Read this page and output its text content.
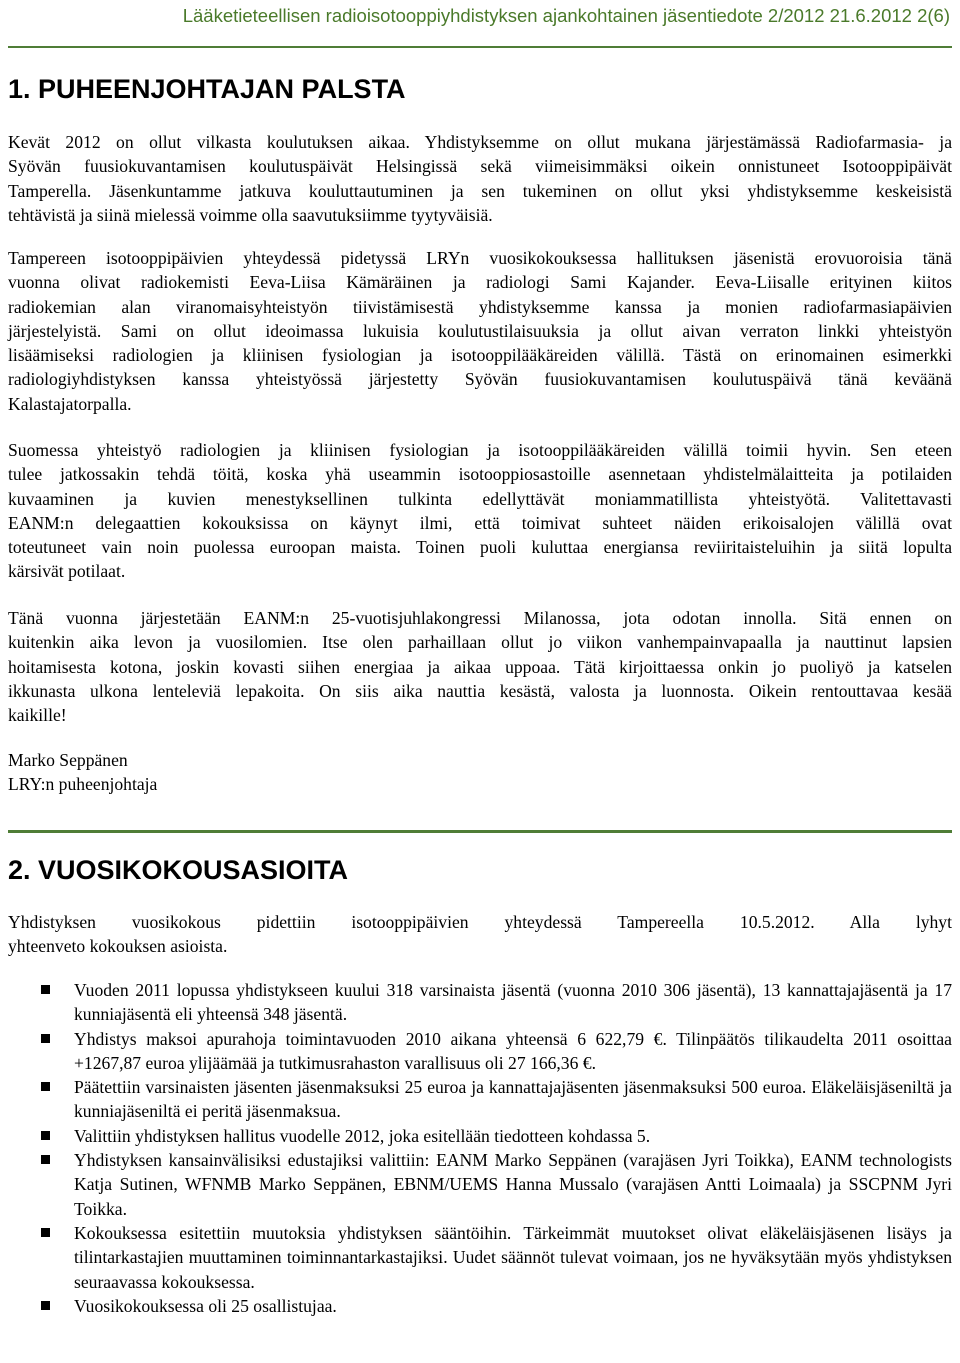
Lääketieteellisen radioisotooppiyhdistyksen ajankohtainen jäsentiedote 2/2012 21.6.2012 2(6)
1. PUHEENJOHTAJAN PALSTA
Kevät 2012 on ollut vilkasta koulutuksen aikaa. Yhdistyksemme on ollut mukana järjestämässä Radiofarmasia- ja
Syövän fuusiokuvantamisen koulutuspäivät Helsingissä sekä viimeisimmäksi oikein onnistuneet Isotooppipäivät
Tamperella. Jäsenkuntamme jatkuva kouluttautuminen ja sen tukeminen on ollut yksi yhdistyksemme keskeisistä
tehtävistä ja siinä mielessä voimme olla saavutuksiimme tyytyväisiä.
Tampereen isotooppipäivien yhteydessä pidetyssä LRYn vuosikokouksessa hallituksen jäsenistä erovuoroisia tänä
vuonna olivat radiokemisti Eeva-Liisa Kämäräinen ja radiologi Sami Kajander. Eeva-Liisalle erityinen kiitos
radiokemian alan viranomaisyhteistyön tiivistämisestä yhdistyksemme kanssa ja monien radiofarmasiapäivien
järjestelyistä. Sami on ollut ideoimassa lukuisia koulutustilaisuuksia ja ollut aivan verraton linkki yhteistyön
lisäämiseksi radiologien ja kliinisen fysiologian ja isotooppilääkäreiden välillä. Tästä on erinomainen esimerkki
radiologiyhdistyksen kanssa yhteistyössä järjestetty Syövän fuusiokuvantamisen koulutuspäivä tänä keväänä
Kalastajatorpalla.
Suomessa yhteistyö radiologien ja kliinisen fysiologian ja isotooppilääkäreiden välillä toimii hyvin. Sen eteen
tulee jatkossakin tehdä töitä, koska yhä useammin isotooppiosastoille asennetaan yhdistelmälaitteita ja potilaiden
kuvaaminen ja kuvien menestyksellinen tulkinta edellyttävät moniammatillista yhteistyötä. Valitettavasti
EANM:n delegaattien kokouksissa on käynyt ilmi, että toimivat suhteet näiden erikoisalojen välillä ovat
toteutuneet vain noin puolessa euroopan maista. Toinen puoli kuluttaa energiansa reviiritaisteluihin ja siitä lopulta
kärsivät potilaat.
Tänä vuonna järjestetään EANM:n 25-vuotisjuhlakongressi Milanossa, jota odotan innolla. Sitä ennen on
kuitenkin aika levon ja vuosilomien. Itse olen parhaillaan ollut jo viikon vanhempainvapaalla ja nauttinut lapsien
hoitamisesta kotona, joskin kovasti siihen energiaa ja aikaa uppoaa. Tätä kirjoittaessa onkin jo puoliyö ja katselen
ikkunasta ulkona lenteleviä lepakoita. On siis aika nauttia kesästä, valosta ja luonnosta. Oikein rentouttavaa kesää
kaikille!
Marko Seppänen
LRY:n puheenjohtaja
2. VUOSIKOKOUSASIOITA
Yhdistyksen vuosikokous pidettiin isotooppipäivien yhteydessä Tampereella 10.5.2012. Alla lyhyt
yhteenveto kokouksen asioista.
Vuoden 2011 lopussa yhdistykseen kuului 318 varsinaista jäsentä (vuonna 2010 306 jäsentä), 13 kannattajajäsentä ja 17 kunniajäsentä eli yhteensä 348 jäsentä.
Yhdistys maksoi apurahoja toimintavuoden 2010 aikana yhteensä 6 622,79 €. Tilinpäätös tilikaudelta 2011 osoittaa +1267,87 euroa ylijäämää ja tutkimusrahaston varallisuus oli 27 166,36 €.
Päätettiin varsinaisten jäsenten jäsenmaksuksi 25 euroa ja kannattajajäsenten jäsenmaksuksi 500 euroa. Eläkeläisjäseniltä ja kunniajäseniltä ei peritä jäsenmaksua.
Valittiin yhdistyksen hallitus vuodelle 2012, joka esitellään tiedotteen kohdassa 5.
Yhdistyksen kansainvälisiksi edustajiksi valittiin: EANM Marko Seppänen (varajäsen Jyri Toikka), EANM technologists Katja Sutinen, WFNMB Marko Seppänen, EBNM/UEMS Hanna Mussalo (varajäsen Antti Loimaala) ja SSCPNM Jyri Toikka.
Kokouksessa esitettiin muutoksia yhdistyksen sääntöihin. Tärkeimmät muutokset olivat eläkeläisjäsenen lisäys ja tilintarkastajien muuttaminen toiminnantarkastajiksi. Uudet säännöt tulevat voimaan, jos ne hyväksytään myös yhdistyksen seuraavassa kokouksessa.
Vuosikokouksessa oli 25 osallistujaa.
